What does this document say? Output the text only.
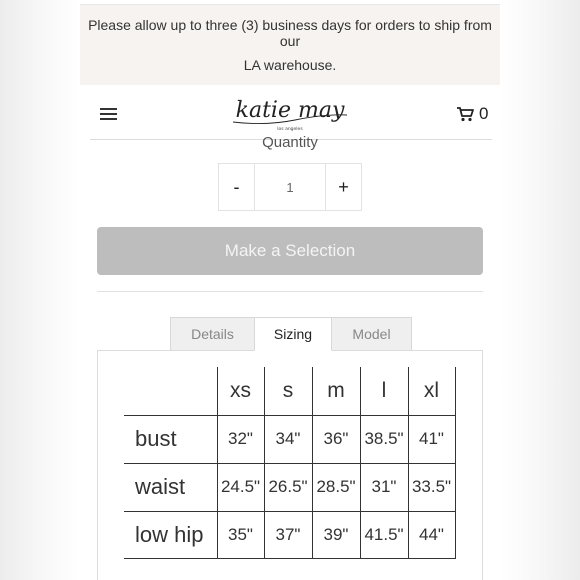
Please allow up to three (3) business days for orders to ship from our
LA warehouse.
katie may
los angeles
0
Quantity
-
1	+
Make a Selection
Details	Sizing	Model
xs	s	m	l	xl
bust	32"	34"	36" 38.5" 41"
waist	24.5" 26.5" 28.5" 31" 33.5"
low hip	35"	37"	39" 41.5" 44"
